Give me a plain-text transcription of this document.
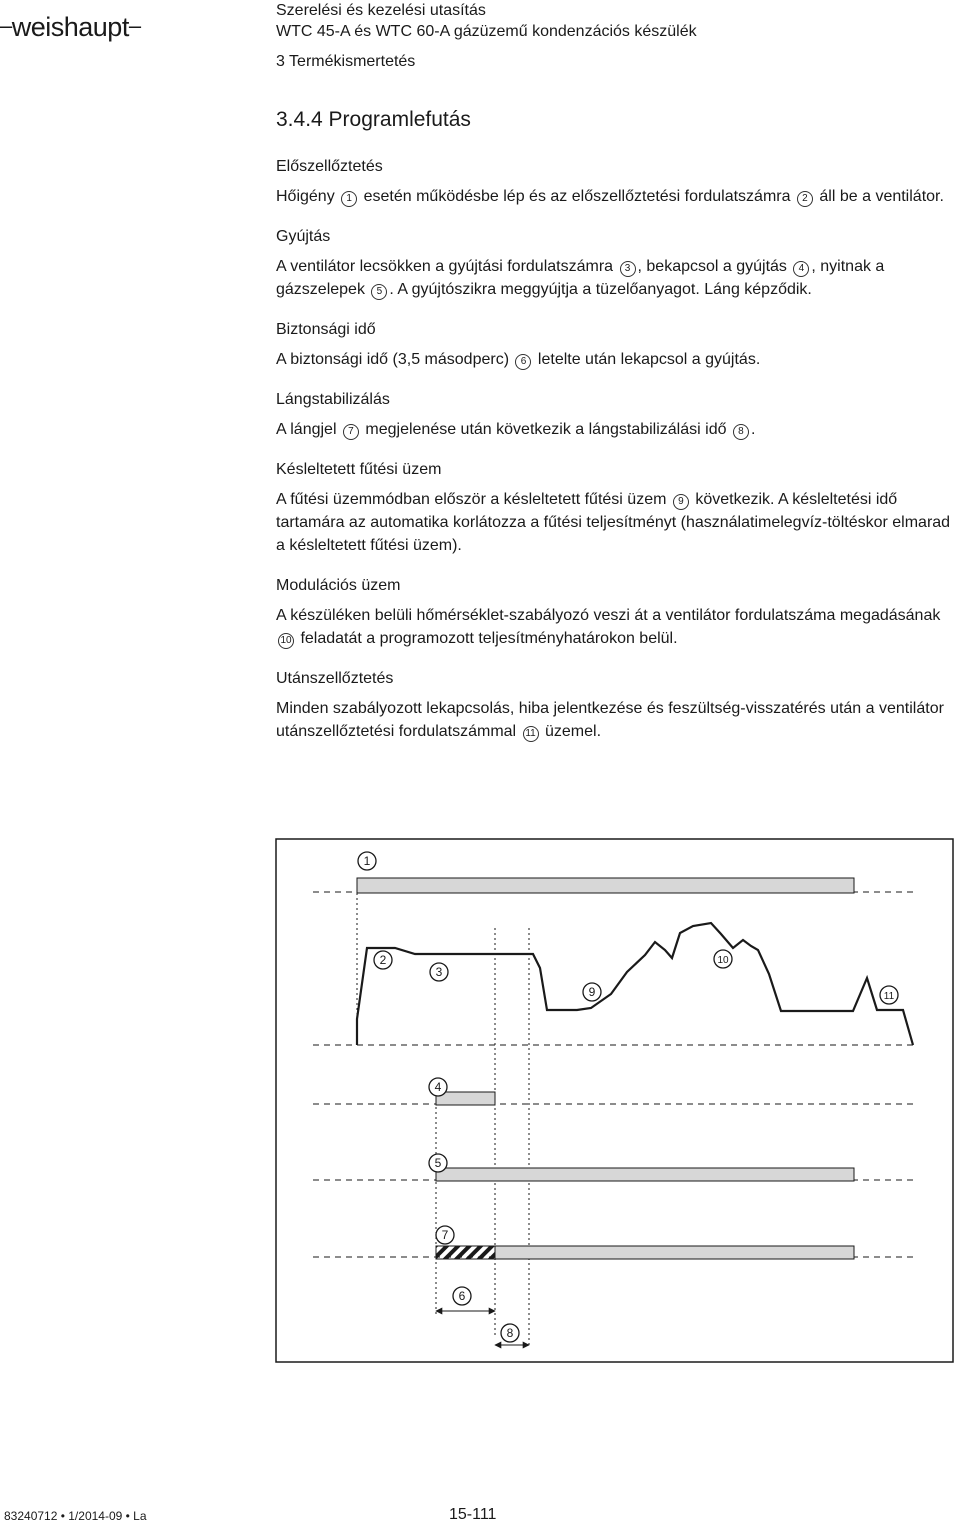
–weishaupt–
Szerelési és kezelési utasítás
WTC 45-A és WTC 60-A gázüzemű kondenzációs készülék
3 Termékismertetés
3.4.4 Programlefutás
Előszellőztetés

Hőigény 1 esetén működésbe lép és az előszellőztetési fordulatszámra 2 áll be a ventilátor.

Gyújtás

A ventilátor lecsökken a gyújtási fordulatszámra 3 , bekapcsol a gyújtás 4 , nyitnak a gázszelepek 5 . A gyújtószikra meggyújtja a tüzelőanyagot. Láng képződik.

Biztonsági idő

A biztonsági idő (3,5 másodperc) 6 letelte után lekapcsol a gyújtás.

Lángstabilizálás

A lángjel 7 megjelenése után következik a lángstabilizálási idő 8 .

Késleltetett fűtési üzem

A fűtési üzemmódban először a késleltetett fűtési üzem 9 következik. A késleltetési idő tartamára az automatika korlátozza a fűtési teljesítményt (használatimelegvíz-töltéskor elmarad a késleltetett fűtési üzem).

Modulációs üzem

A készüléken belüli hőmérséklet-szabályozó veszi át a ventilátor fordulatszáma megadásának 10 feladatát a programozott teljesítményhatárokon belül.

Utánszellőztetés

Minden szabályozott lekapcsolás, hiba jelentkezése és feszültség-visszatérés után a ventilátor utánszellőztetési fordulatszámmal 11 üzemel.

1
2
3
4
5
6
7
8
9
10
11
83240712 • 1/2014-09 • La	15-111
